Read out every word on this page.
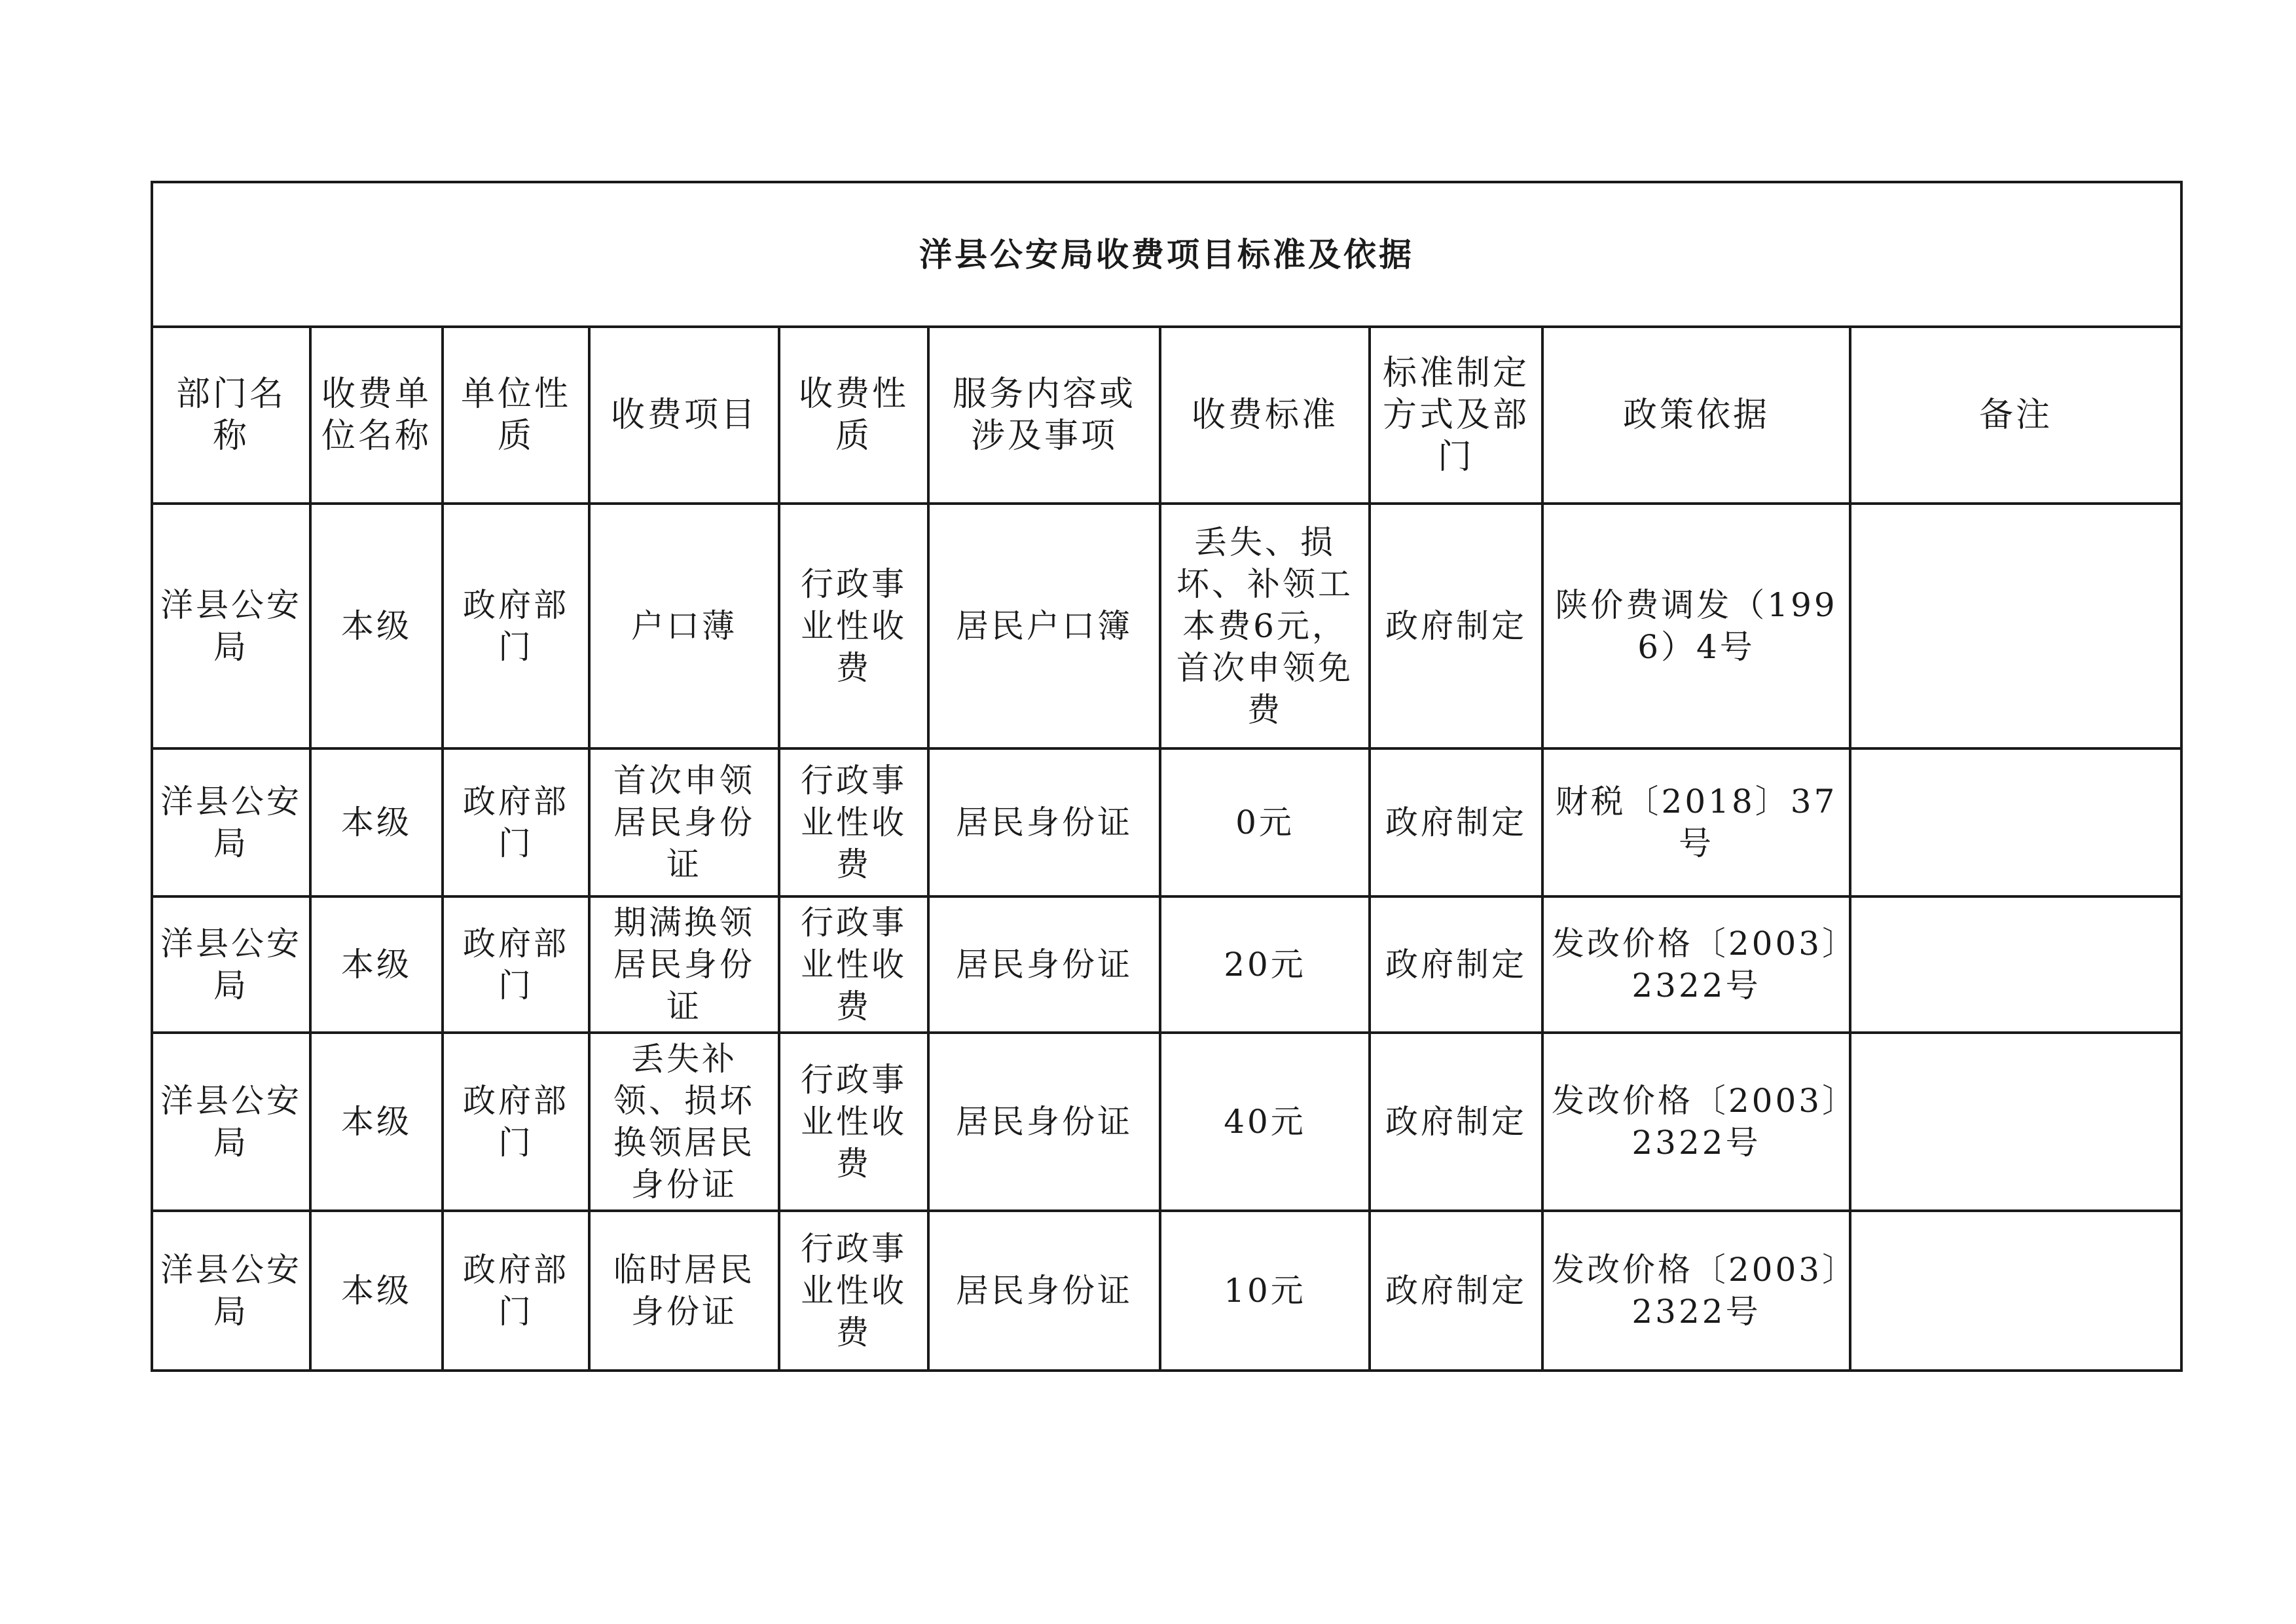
洋县公安局收费项目标准及依据									
部门名称	收费单位名称	单位性质	收费项目	收费性质	服务内容或涉及事项	收费标准	标准制定方式及部门	政策依据	备注
洋县公安局	本级	政府部门	户口薄	行政事业性收费	居民户口簿	丢失、损坏、补领工本费6元，首次申领免费	政府制定	陕价费调发（1996）4号	
洋县公安局	本级	政府部门	首次申领居民身份证	行政事业性收费	居民身份证	0元	政府制定	财税〔2018〕37号	
洋县公安局	本级	政府部门	期满换领居民身份证	行政事业性收费	居民身份证	20元	政府制定	发改价格〔2003〕2322号	
洋县公安局	本级	政府部门	丢失补领、损坏换领居民身份证	行政事业性收费	居民身份证	40元	政府制定	发改价格〔2003〕2322号	
洋县公安局	本级	政府部门	临时居民身份证	行政事业性收费	居民身份证	10元	政府制定	发改价格〔2003〕2322号	
